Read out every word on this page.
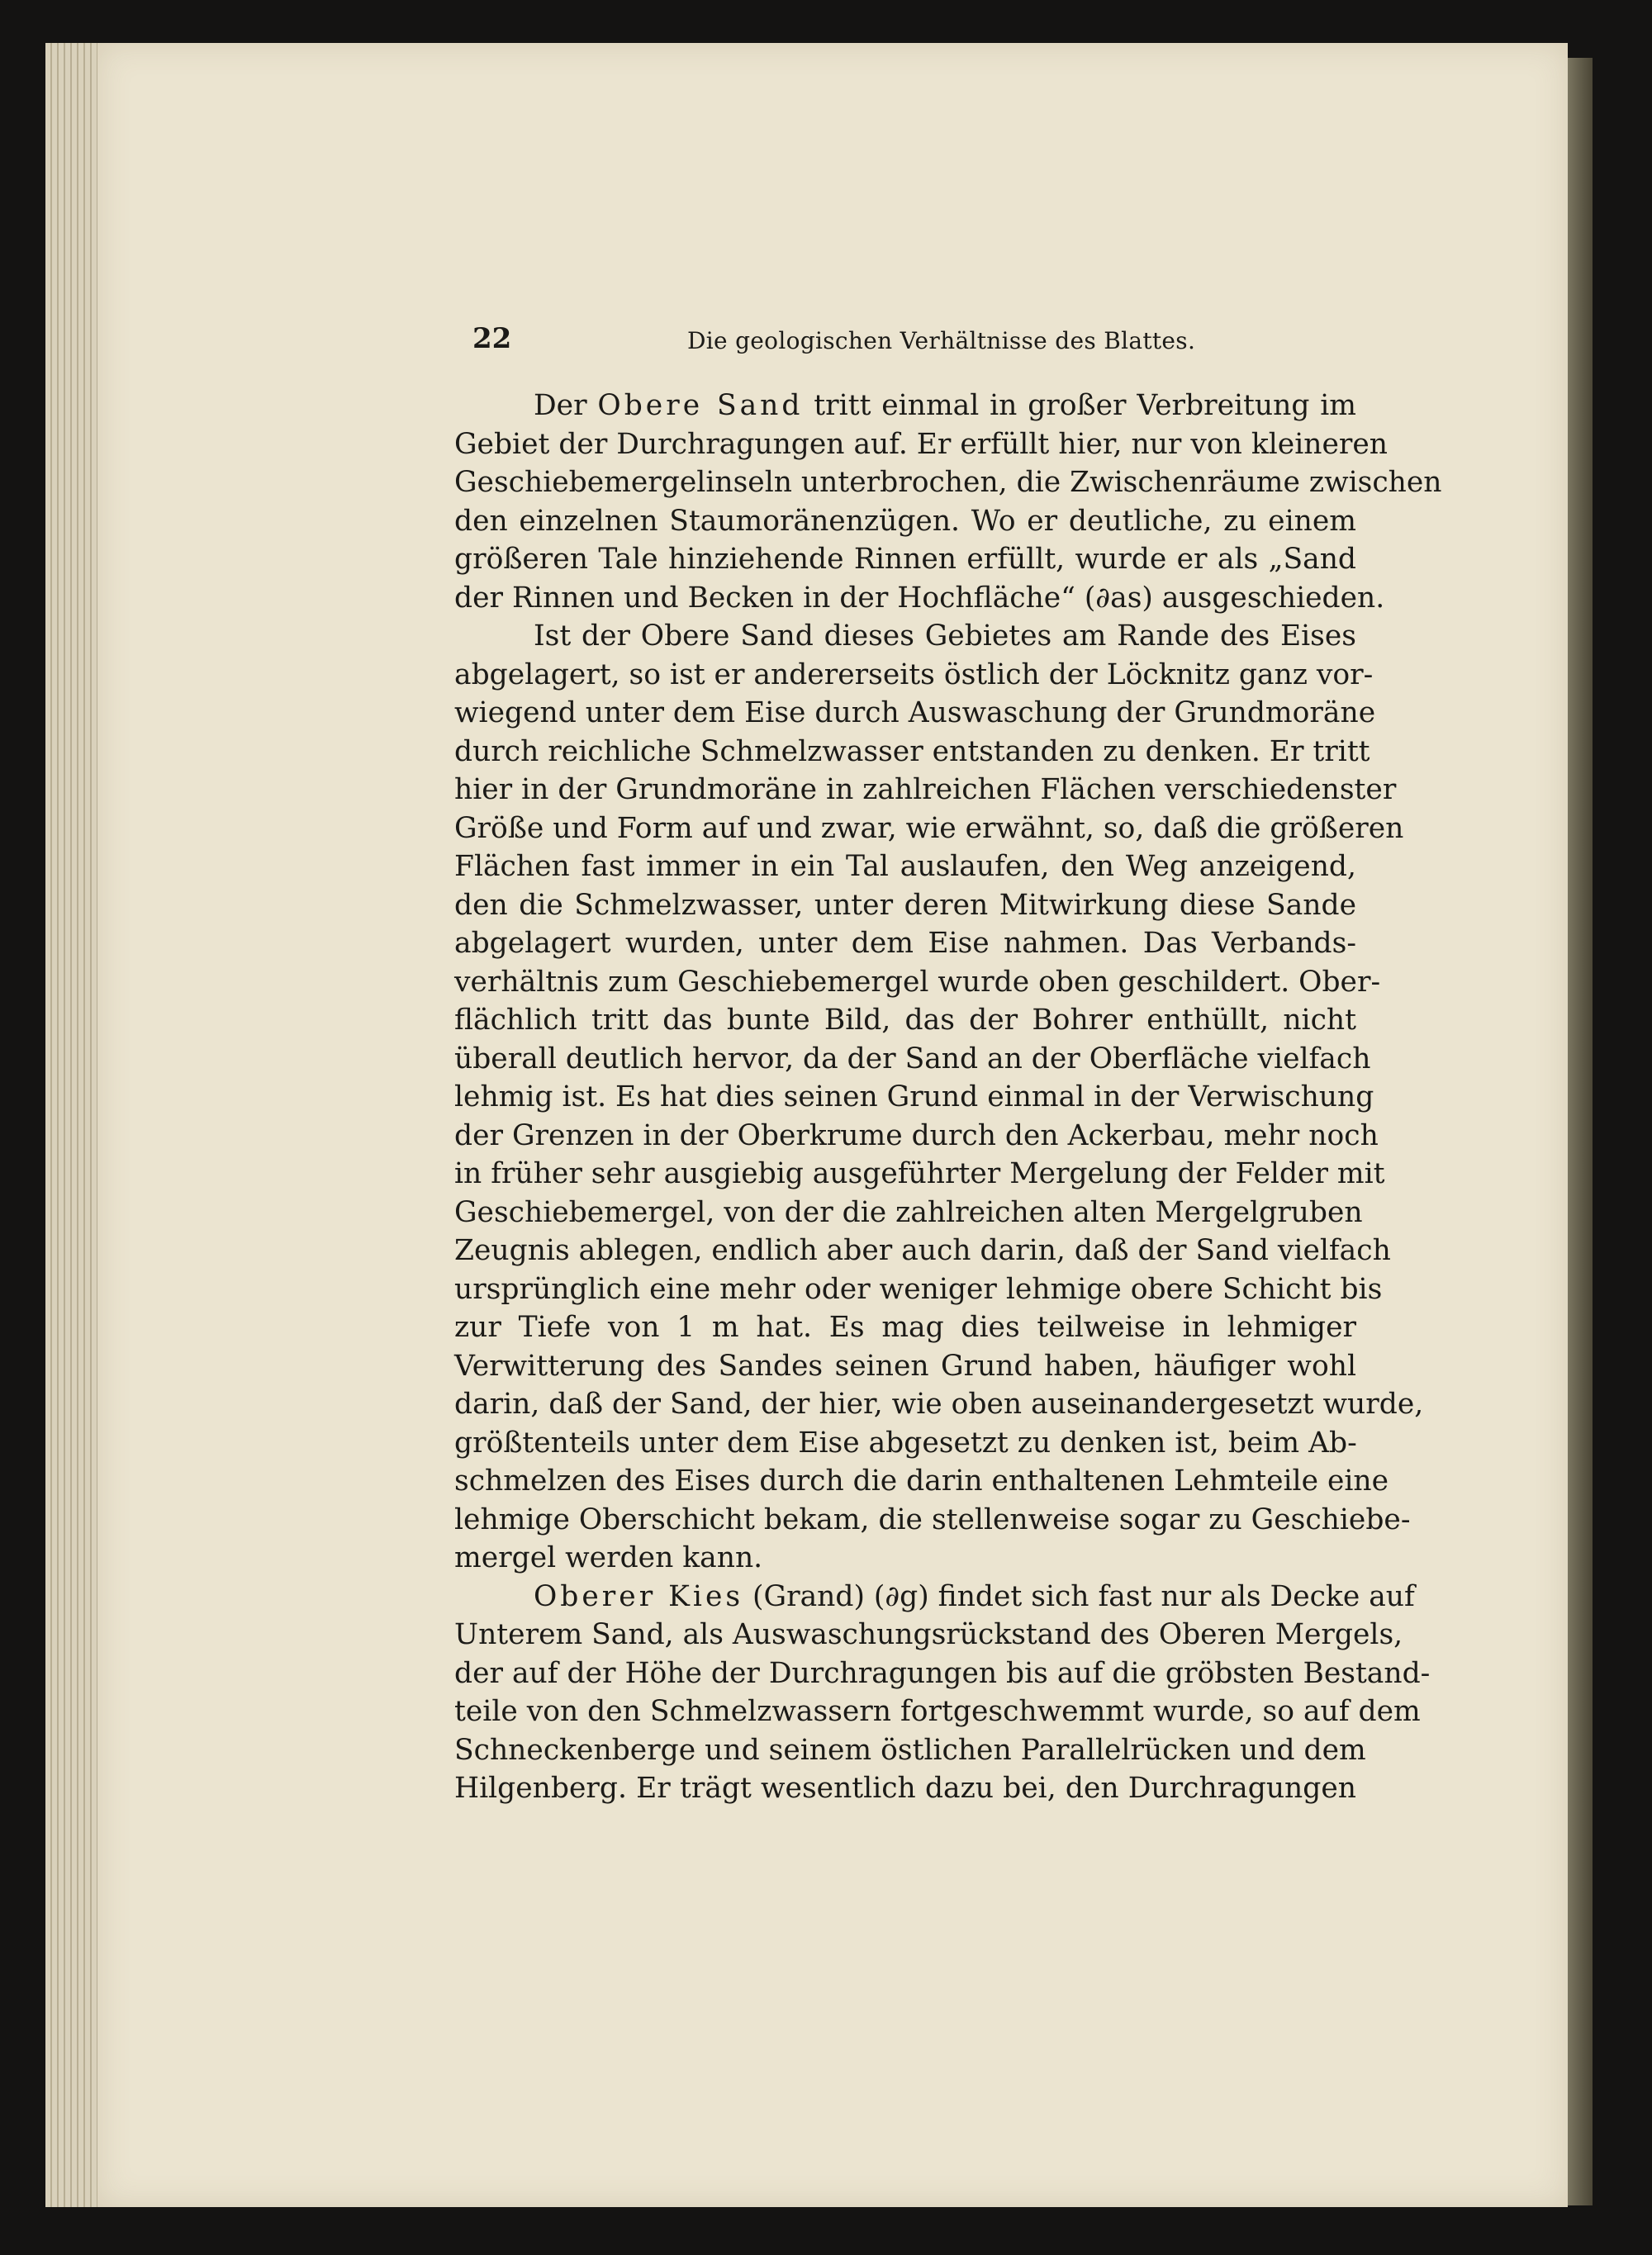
22	Die geologischen Verhältnisse des Blattes.
Der Obere Sand tritt einmal in großer Verbreitung im
Gebiet der Durchragungen auf. Er erfüllt hier, nur von kleineren
Geschiebemergelinseln unterbrochen, die Zwischenräume zwischen
den einzelnen Staumoränenzügen. Wo er deutliche, zu einem
größeren Tale hinziehende Rinnen erfüllt, wurde er als „Sand
der Rinnen und Becken in der Hochfläche“ (∂as) ausgeschieden.
Ist der Obere Sand dieses Gebietes am Rande des Eises
abgelagert, so ist er andererseits östlich der Löcknitz ganz vor-
wiegend unter dem Eise durch Auswaschung der Grundmoräne
durch reichliche Schmelzwasser entstanden zu denken. Er tritt
hier in der Grundmoräne in zahlreichen Flächen verschiedenster
Größe und Form auf und zwar, wie erwähnt, so, daß die größeren
Flächen fast immer in ein Tal auslaufen, den Weg anzeigend,
den die Schmelzwasser, unter deren Mitwirkung diese Sande
abgelagert wurden, unter dem Eise nahmen. Das Verbands-
verhältnis zum Geschiebemergel wurde oben geschildert. Ober-
flächlich tritt das bunte Bild, das der Bohrer enthüllt, nicht
überall deutlich hervor, da der Sand an der Oberfläche vielfach
lehmig ist. Es hat dies seinen Grund einmal in der Verwischung
der Grenzen in der Oberkrume durch den Ackerbau, mehr noch
in früher sehr ausgiebig ausgeführter Mergelung der Felder mit
Geschiebemergel, von der die zahlreichen alten Mergelgruben
Zeugnis ablegen, endlich aber auch darin, daß der Sand vielfach
ursprünglich eine mehr oder weniger lehmige obere Schicht bis
zur Tiefe von 1 m hat. Es mag dies teilweise in lehmiger
Verwitterung des Sandes seinen Grund haben, häufiger wohl
darin, daß der Sand, der hier, wie oben auseinandergesetzt wurde,
größtenteils unter dem Eise abgesetzt zu denken ist, beim Ab-
schmelzen des Eises durch die darin enthaltenen Lehmteile eine
lehmige Oberschicht bekam, die stellenweise sogar zu Geschiebe-
mergel werden kann.
Oberer Kies (Grand) (∂g) findet sich fast nur als Decke auf
Unterem Sand, als Auswaschungsrückstand des Oberen Mergels,
der auf der Höhe der Durchragungen bis auf die gröbsten Bestand-
teile von den Schmelzwassern fortgeschwemmt wurde, so auf dem
Schneckenberge und seinem östlichen Parallelrücken und dem
Hilgenberg. Er trägt wesentlich dazu bei, den Durchragungen
